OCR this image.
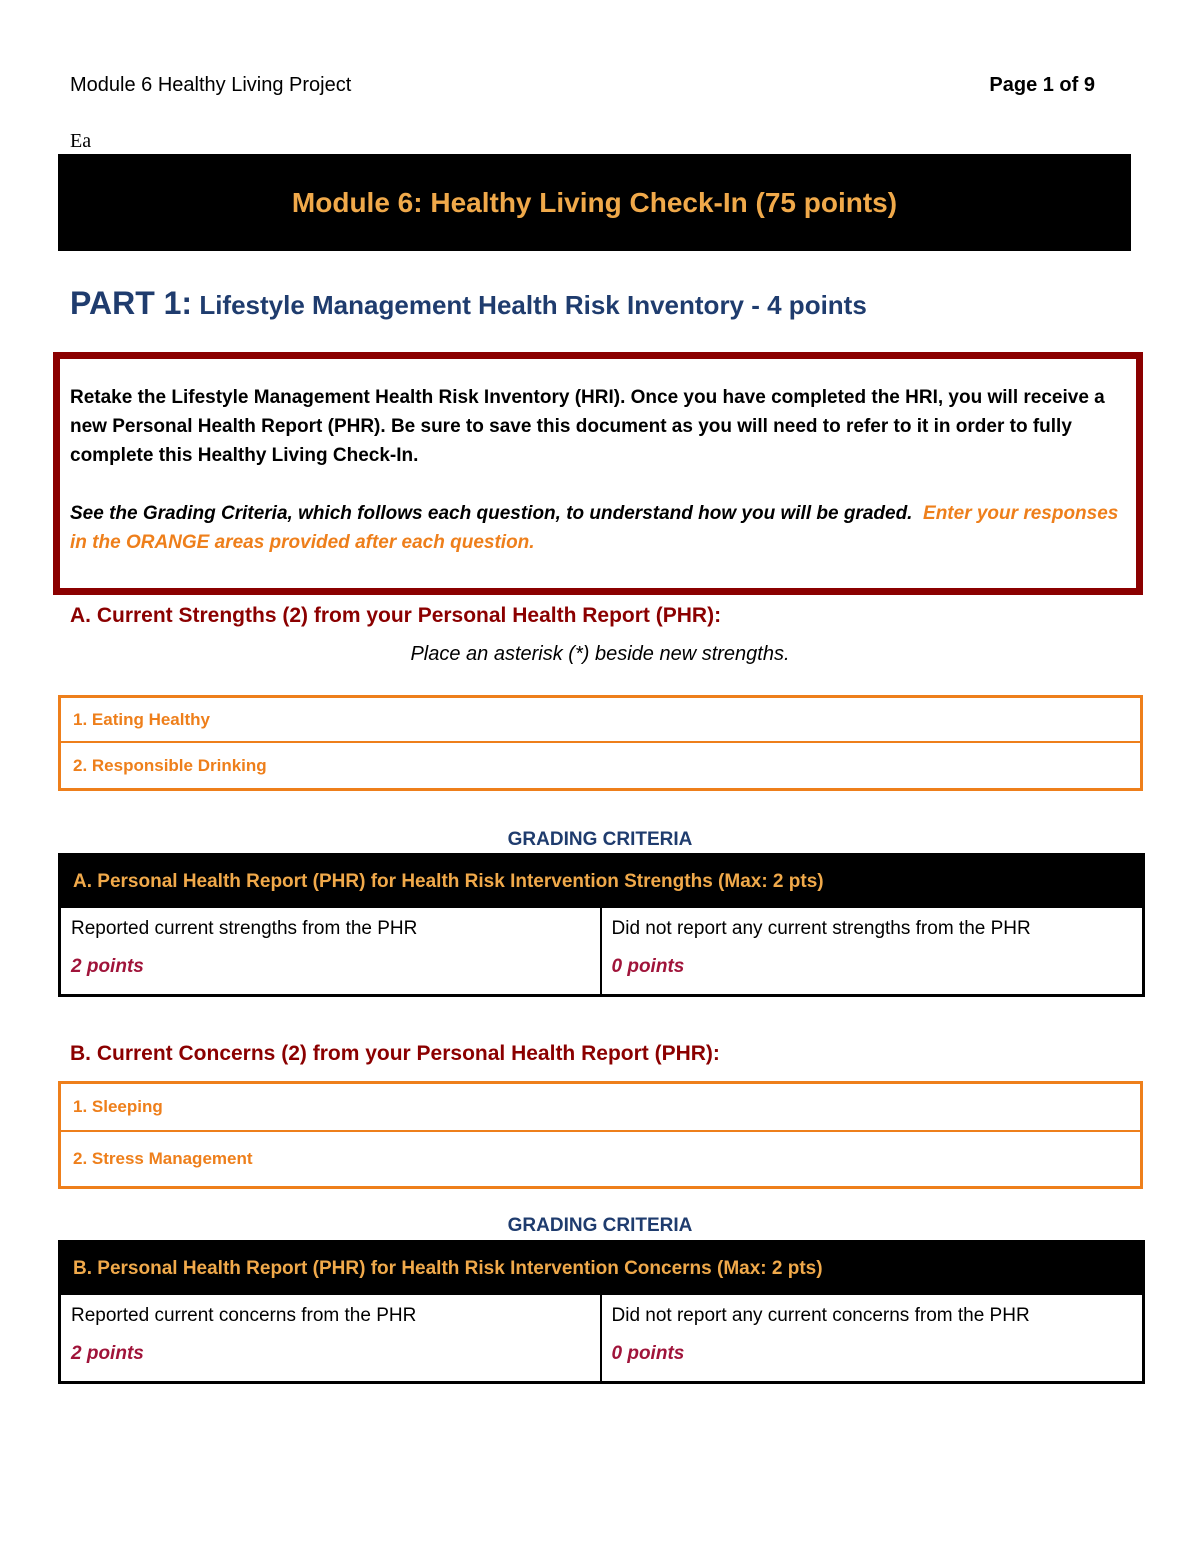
Module 6 Healthy Living Project	Page 1 of 9
Ea
Module 6: Healthy Living Check-In (75 points)
PART 1: Lifestyle Management Health Risk Inventory - 4 points

Retake the Lifestyle Management Health Risk Inventory (HRI). Once you have completed the HRI, you will receive a new Personal Health Report (PHR). Be sure to save this document as you will need to refer to it in order to fully complete this Healthy Living Check-In.

See the Grading Criteria, which follows each question, to understand how you will be graded. Enter your responses in the ORANGE areas provided after each question.

A. Current Strengths (2) from your Personal Health Report (PHR):
Place an asterisk (*) beside new strengths.
1. Eating Healthy
2. Responsible Drinking
GRADING CRITERIA
A. Personal Health Report (PHR) for Health Risk Intervention Strengths (Max: 2 pts)
Reported current strengths from the PHR
2 points
Did not report any current strengths from the PHR
0 points
B. Current Concerns (2) from your Personal Health Report (PHR):
1. Sleeping
2. Stress Management
GRADING CRITERIA
B. Personal Health Report (PHR) for Health Risk Intervention Concerns (Max: 2 pts)
Reported current concerns from the PHR
2 points
Did not report any current concerns from the PHR
0 points
